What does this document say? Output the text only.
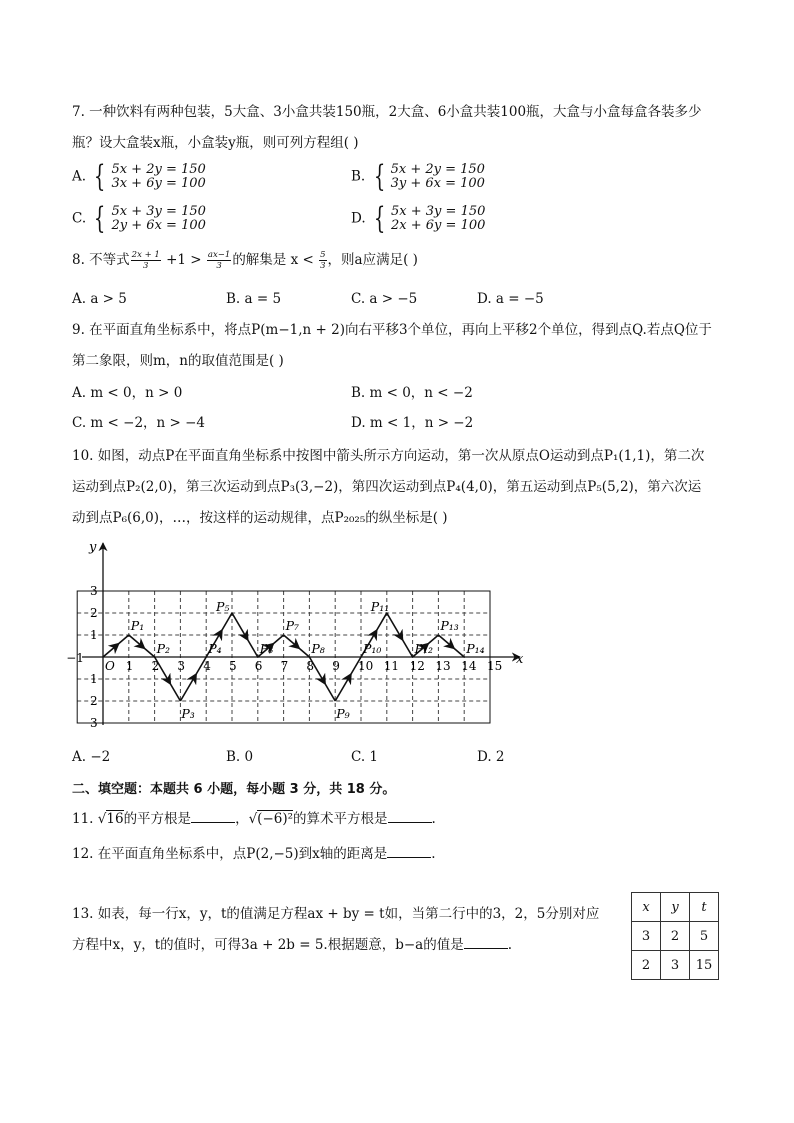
7. 一种饮料有两种包装，5大盒、3小盒共装150瓶，2大盒、6小盒共装100瓶，大盒与小盒每盒各装多少
瓶？设大盒装x瓶，小盒装y瓶，则可列方程组( )
A. { 5x + 2y = 150
3x + 6y = 100	B. { 5x + 2y = 150
3y + 6x = 100
C. { 5x + 3y = 150
2y + 6x = 100	D. { 5x + 3y = 150
2x + 6y = 100
8. 不等式 $\frac{2x + 1}{3} +1 > \frac{ax-1}{3}$ 的解集是 $x < \frac{5}{3}$ ，则a应满足( )
A. a > 5	B. a = 5	C. a > −5	D. a = −5
9. 在平面直角坐标系中，将点P(m−1,n + 2)向右平移3个单位，再向上平移2个单位，得到点Q.若点Q位于
第二象限，则m，n的取值范围是( )
A. m < 0，n > 0	B. m < 0，n < −2
C. m < −2，n > −4	D. m < 1，n > −2
10. 如图，动点P在平面直角坐标系中按图中箭头所示方向运动，第一次从原点O运动到点P₁(1,1)，第二次
运动到点P₂(2,0)，第三次运动到点P₃(3,−2)，第四次运动到点P₄(4,0)，第五运动到点P₅(5,2)，第六次运
动到点P₆(6,0)，…，按这样的运动规律，点P₂₀₂₅的纵坐标是( )
x
y
1 2 3 4 5 6 7 8 9 10 11 12 13 14 15
1
2
3
1
2
3
−1
O
P₁
P₂
P₃
P₄
P₅
P₆
P₇
P₈
P₉
P₁₀
P₁₁
P₁₂
P₁₃
P₁₄
A. −2	B. 0	C. 1	D. 2
二、填空题：本题共 6 小题，每小题 3 分，共 18 分。
11. √16的平方根是	，√(−6)²的算术平方根是	.
12. 在平面直角坐标系中，点P(2,−5)到x轴的距离是	.
13. 如表，每一行x，y，t的值满足方程ax + by = t如，当第二行中的3，2，5分别对应
方程中x，y，t的值时，可得3a + 2b = 5.根据题意，b−a的值是	.
x	y	t
3	2	5
2	3	15
